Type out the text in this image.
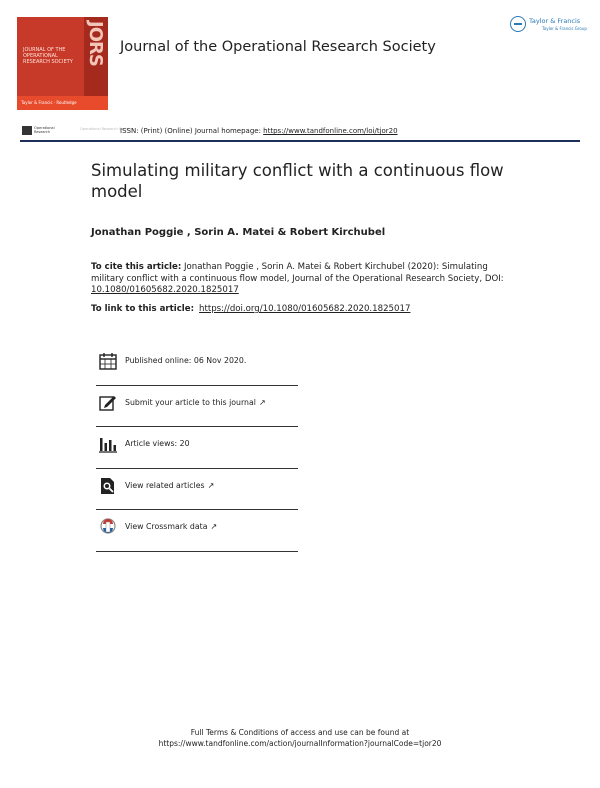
JORS
JOURNAL OF THE OPERATIONAL RESEARCH SOCIETY
Taylor & Francis · Routledge
Journal of the Operational Research Society
Taylor & Francis
Taylor & Francis Group
Operational Research
Operational Research Society
ISSN: (Print) (Online) Journal homepage: https://www.tandfonline.com/loi/tjor20
Simulating military conflict with a continuous flow model
Jonathan Poggie , Sorin A. Matei & Robert Kirchubel
To cite this article: Jonathan Poggie , Sorin A. Matei & Robert Kirchubel (2020): Simulating military conflict with a continuous flow model, Journal of the Operational Research Society, DOI: 10.1080/01605682.2020.1825017
To link to this article: https://doi.org/10.1080/01605682.2020.1825017
Published online: 06 Nov 2020.
Submit your article to this journal ↗
Article views: 20
View related articles ↗
View Crossmark data ↗
Full Terms & Conditions of access and use can be found at
https://www.tandfonline.com/action/journalInformation?journalCode=tjor20
